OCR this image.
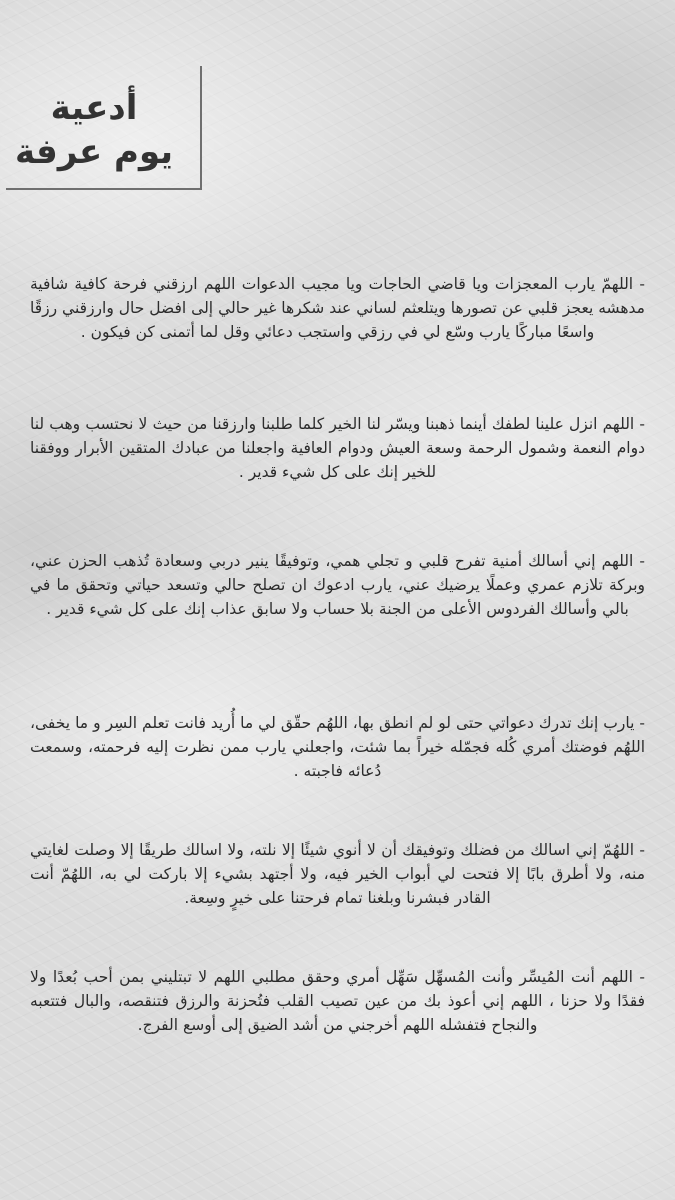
أدعية
يوم عرفة

- اللهمّ يارب المعجزات ويا قاضي الحاجات ويا مجيب الدعوات اللهم ارزقني فرحة كافية شافية مدهشه يعجز قلبي عن تصورها ويتلعثم لساني عند شكرها غير حالي إلى افضل حال وارزقني رزقًا واسعًا مباركًا يارب وسّع لي في رزقي واستجب دعائي وقل لما أتمنى كن فيكون .

- اللهم انزل علينا لطفك أينما ذهبنا ويسّر لنا الخير كلما طلبنا وارزقنا من حيث لا نحتسب وهب لنا دوام النعمة وشمول الرحمة وسعة العيش ودوام العافية واجعلنا من عبادك المتقين الأبرار ووفقنا للخير إنك على كل شيء قدير .

- اللهم إني أسالك أمنية تفرح قلبي و تجلي همي، وتوفيقًا ينير دربي وسعادة تُذهب الحزن عني، وبركة تلازم عمري وعملًا يرضيك عني، يارب ادعوك ان تصلح حالي وتسعد حياتي وتحقق ما في بالي وأسالك الفردوس الأعلى من الجنة بلا حساب ولا سابق عذاب إنك على كل شيء قدير .

- يارب إنك تدرك دعواتي حتى لو لم انطق بها، اللهُم حقّق لي ما أُريد فانت تعلم السِر و ما يخفى، اللهُم فوضتك أمري كُله فجمّله خيراً بما شئت، واجعلني يارب ممن نظرت إليه فرحمته، وسمعت دُعائه فاجبته .

- اللهُمّ إني اسالك من فضلك وتوفيقك أن لا أنوي شيئًا إلا نلته، ولا اسالك طريقًا إلا وصلت لغايتي منه، ولا أطرق بابًا إلا فتحت لي أبواب الخير فيه، ولا أجتهد بشيء إلا باركت لي به، اللهُمّ أنت القادر فبشرنا وبلغنا تمام فرحتنا على خيرٍ وسِعة.

- اللهم أنت المُيسِّر وأنت المُسهِّل سَهِّل أمري وحقق مطلبي اللهم لا تبتليني بمن أحب بُعدًا ولا فقدًا ولا حزنا ، اللهم إني أعوذ بك من عين تصيب القلب فتُحزنة والرزق فتنقصه، والبال فتتعبه والنجاح فتفشله اللهم أخرجني من أشد الضيق إلى أوسع الفرج.
